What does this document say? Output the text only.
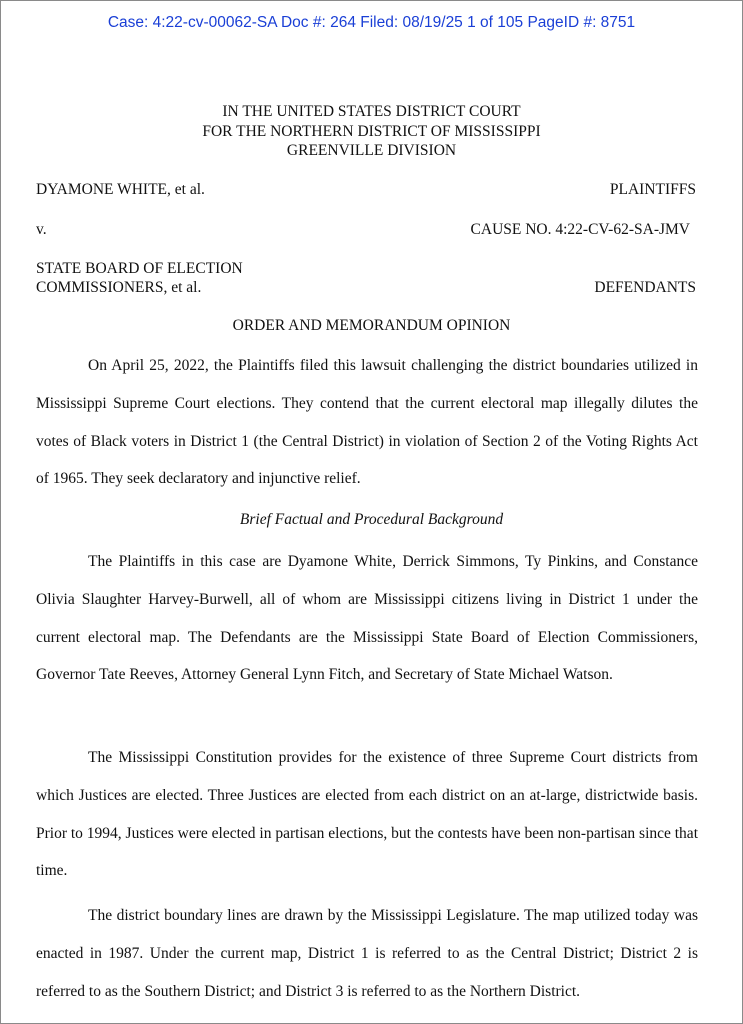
Case: 4:22-cv-00062-SA Doc #: 264 Filed: 08/19/25 1 of 105 PageID #: 8751
IN THE UNITED STATES DISTRICT COURT
FOR THE NORTHERN DISTRICT OF MISSISSIPPI
GREENVILLE DIVISION
DYAMONE WHITE, et al.	PLAINTIFFS
v.	CAUSE NO. 4:22-CV-62-SA-JMV
STATE BOARD OF ELECTION
COMMISSIONERS, et al.	DEFENDANTS
ORDER AND MEMORANDUM OPINION

On April 25, 2022, the Plaintiffs filed this lawsuit challenging the district boundaries utilized in Mississippi Supreme Court elections. They contend that the current electoral map illegally dilutes the votes of Black voters in District 1 (the Central District) in violation of Section 2 of the Voting Rights Act of 1965. They seek declaratory and injunctive relief.

Brief Factual and Procedural Background

The Plaintiffs in this case are Dyamone White, Derrick Simmons, Ty Pinkins, and Constance Olivia Slaughter Harvey-Burwell, all of whom are Mississippi citizens living in District 1 under the current electoral map. The Defendants are the Mississippi State Board of Election Commissioners, Governor Tate Reeves, Attorney General Lynn Fitch, and Secretary of State Michael Watson.

The Mississippi Constitution provides for the existence of three Supreme Court districts from which Justices are elected. Three Justices are elected from each district on an at-large, districtwide basis. Prior to 1994, Justices were elected in partisan elections, but the contests have been non-partisan since that time.

The district boundary lines are drawn by the Mississippi Legislature. The map utilized today was enacted in 1987. Under the current map, District 1 is referred to as the Central District; District 2 is referred to as the Southern District; and District 3 is referred to as the Northern District.
